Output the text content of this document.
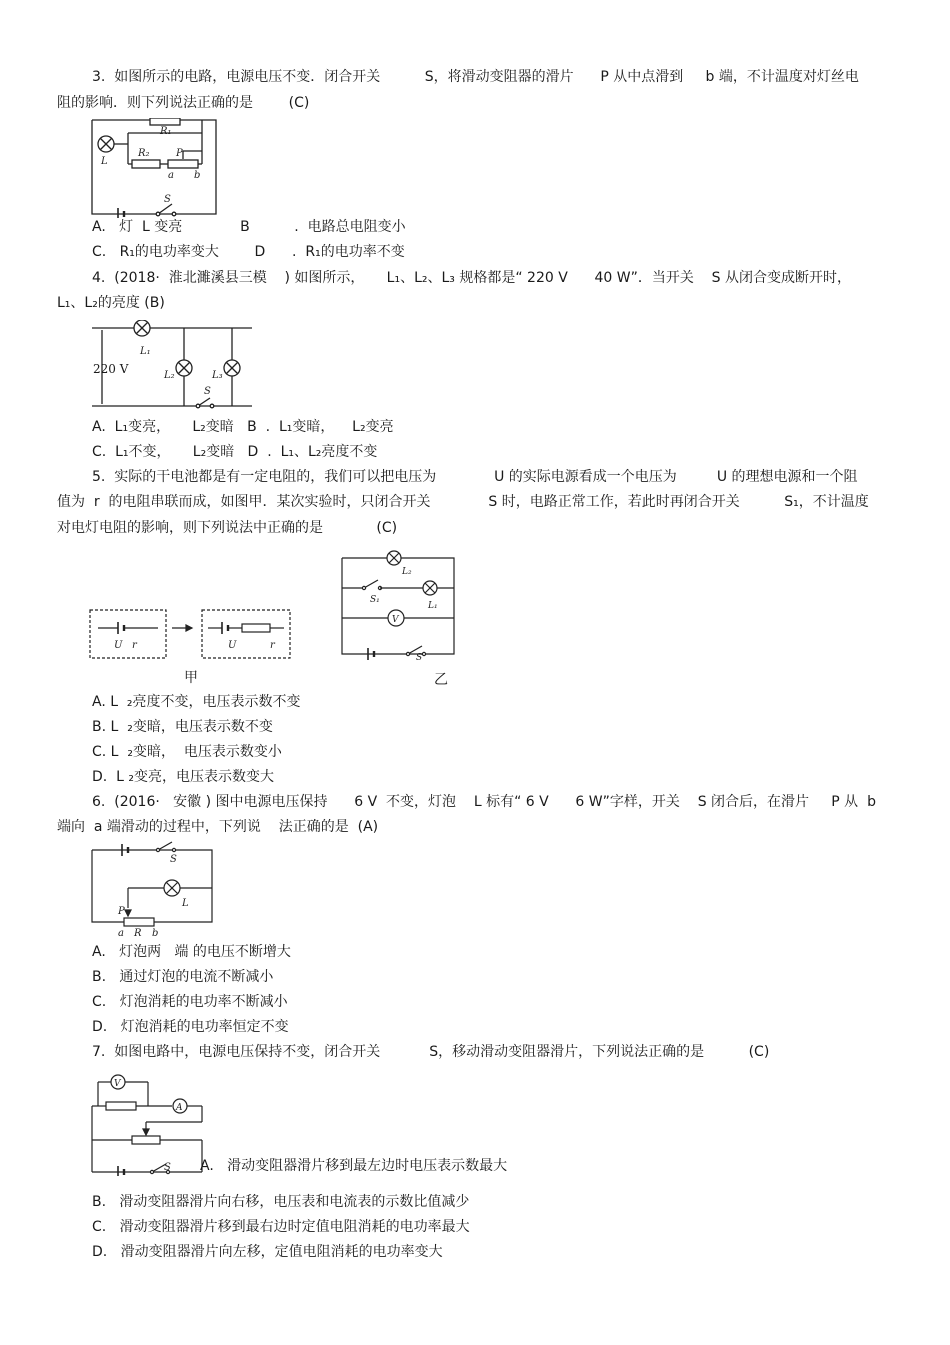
3.  如图所示的电路，电源电压不变．闭合开关          S，将滑动变阻器的滑片      P 从中点滑到     b 端，不计温度对灯丝电
阻的影响．则下列说法正确的是        (C)
L
R₁
R₂	P
a b
S
A.   灯  L 变亮             B          .  电路总电阻变小
C.   R₁的电功率变大        D      .  R₁的电功率不变
4.  (2018·  淮北濉溪县三模    ) 如图所示，     L₁、L₂、L₃ 规格都是“ 220 V      40 W”．当开关    S 从闭合变成断开时，
L₁、L₂的亮度 (B)
L₁
L₂	L₃
S
220 V
A.  L₁变亮，     L₂变暗   B  .  L₁变暗，    L₂变亮
C.  L₁不变，     L₂变暗   D  .  L₁、L₂亮度不变
5.  实际的干电池都是有一定电阻的，我们可以把电压为             U 的实际电源看成一个电压为         U 的理想电源和一个阻
值为  r  的电阻串联而成，如图甲．某次实验时，只闭合开关             S 时，电路正常工作，若此时再闭合开关          S₁，不计温度
对电灯电阻的影响，则下列说法中正确的是            (C)
U r	U	r
V
L₂
S₁
L₁
S
甲	乙
A. L  ₂亮度不变，电压表示数不变
B. L  ₂变暗，电压表示数不变
C. L  ₂变暗，  电压表示数变小
D.  L ₂变亮，电压表示数变大
6.  (2016·   安徽 ) 图中电源电压保持      6 V  不变，灯泡    L 标有“ 6 V      6 W”字样，开关    S 闭合后，在滑片     P 从  b
端向  a 端滑动的过程中，下列说    法正确的是  (A)
L
S
P
a R b
A.   灯泡两   端 的电压不断增大
B.   通过灯泡的电流不断减小
C.   灯泡消耗的电功率不断减小
D.   灯泡消耗的电功率恒定不变
7.  如图电路中，电源电压保持不变，闭合开关           S，移动滑动变阻器滑片，下列说法正确的是          (C)
V
A
S A.   滑动变阻器滑片移到最左边时电压表示数最大
B.   滑动变阻器滑片向右移，电压表和电流表的示数比值减少
C.   滑动变阻器滑片移到最右边时定值电阻消耗的电功率最大
D.   滑动变阻器滑片向左移，定值电阻消耗的电功率变大
